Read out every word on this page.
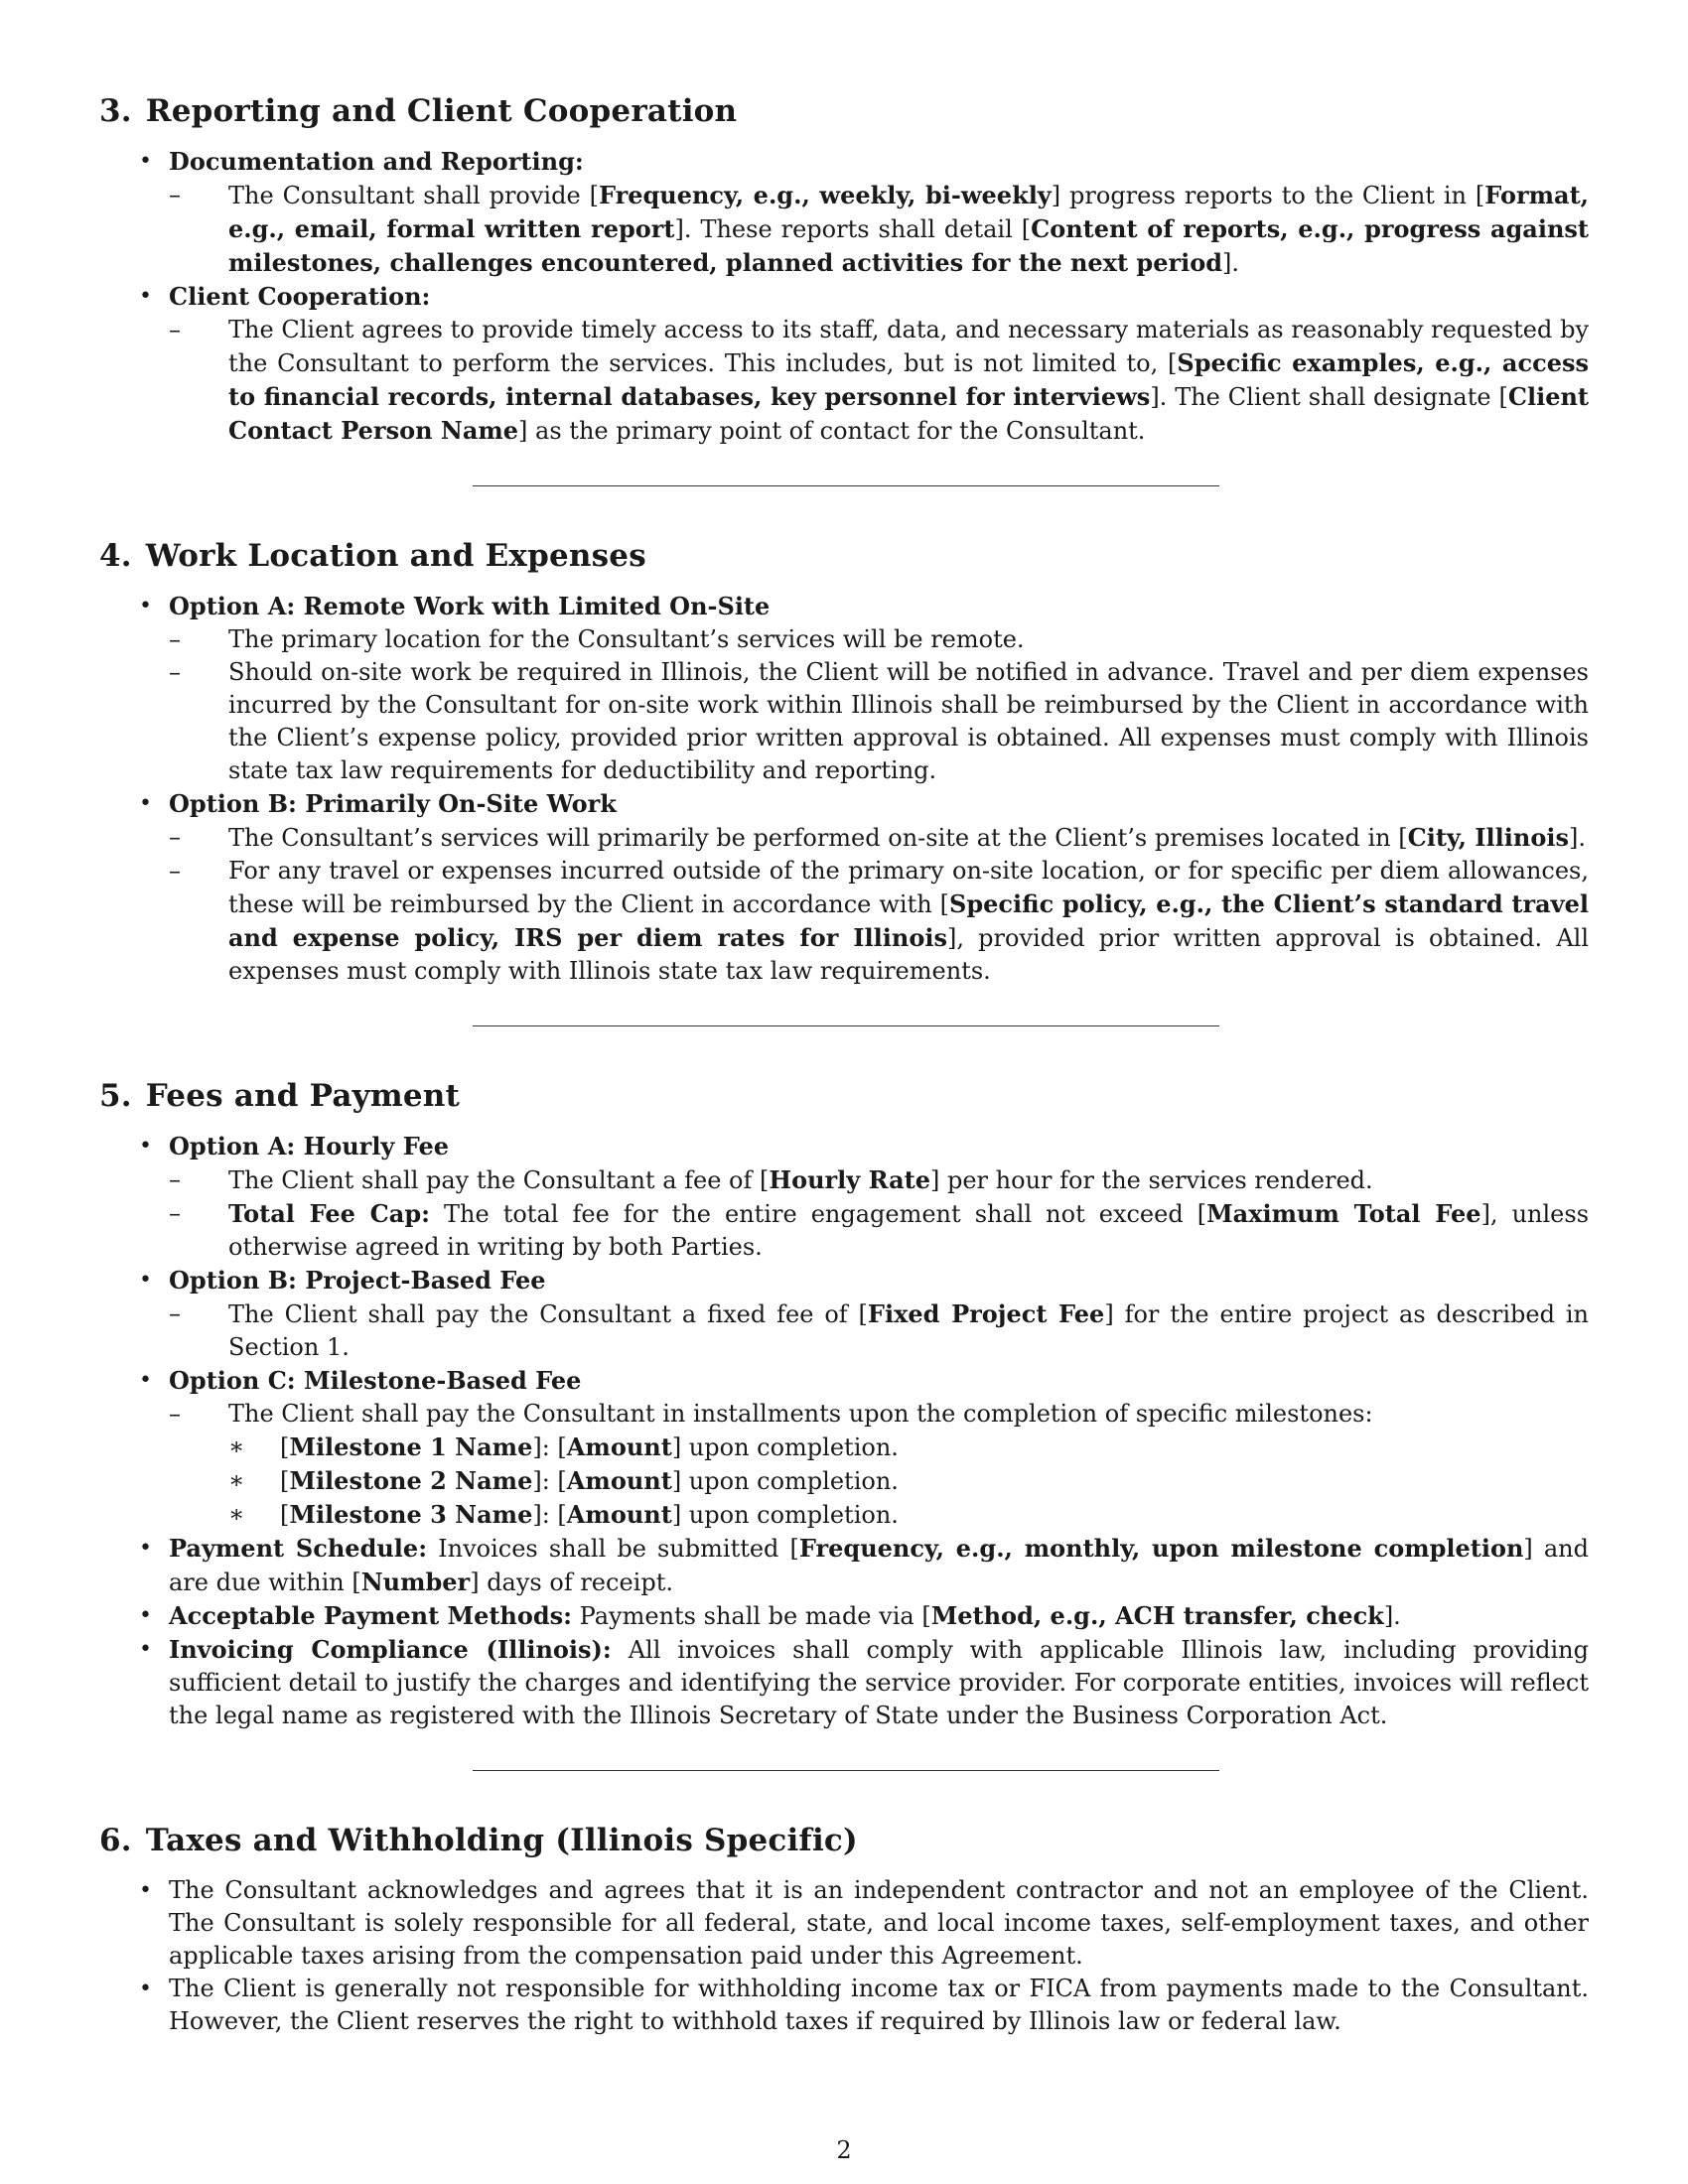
3. Reporting and Client Cooperation
• Documentation and Reporting:
– The Consultant shall provide [Frequency, e.g., weekly, bi-weekly] progress reports to the Client in [Format, e.g., email, formal written report]. These reports shall detail [Content of reports, e.g., progress against milestones, challenges encountered, planned activities for the next period].
• Client Cooperation:
– The Client agrees to provide timely access to its staff, data, and necessary materials as reasonably requested by the Consultant to perform the services. This includes, but is not limited to, [Specific examples, e.g., access to financial records, internal databases, key personnel for interviews]. The Client shall designate [Client Contact Person Name] as the primary point of contact for the Consultant.
4. Work Location and Expenses
• Option A: Remote Work with Limited On-Site
– The primary location for the Consultant’s services will be remote.
– Should on-site work be required in Illinois, the Client will be notified in advance. Travel and per diem expenses incurred by the Consultant for on-site work within Illinois shall be reimbursed by the Client in accordance with the Client’s expense policy, provided prior written approval is obtained. All expenses must comply with Illinois state tax law requirements for deductibility and reporting.
• Option B: Primarily On-Site Work
– The Consultant’s services will primarily be performed on-site at the Client’s premises located in [City, Illinois].
– For any travel or expenses incurred outside of the primary on-site location, or for specific per diem allowances, these will be reimbursed by the Client in accordance with [Specific policy, e.g., the Client’s standard travel and expense policy, IRS per diem rates for Illinois], provided prior written approval is obtained. All expenses must comply with Illinois state tax law requirements.
5. Fees and Payment
• Option A: Hourly Fee
– The Client shall pay the Consultant a fee of [Hourly Rate] per hour for the services rendered.
– Total Fee Cap: The total fee for the entire engagement shall not exceed [Maximum Total Fee], unless otherwise agreed in writing by both Parties.
• Option B: Project-Based Fee
– The Client shall pay the Consultant a fixed fee of [Fixed Project Fee] for the entire project as described in Section 1.
• Option C: Milestone-Based Fee
– The Client shall pay the Consultant in installments upon the completion of specific milestones:
∗ [Milestone 1 Name]: [Amount] upon completion.
∗ [Milestone 2 Name]: [Amount] upon completion.
∗ [Milestone 3 Name]: [Amount] upon completion.
• Payment Schedule: Invoices shall be submitted [Frequency, e.g., monthly, upon milestone completion] and are due within [Number] days of receipt.
• Acceptable Payment Methods: Payments shall be made via [Method, e.g., ACH transfer, check].
• Invoicing Compliance (Illinois): All invoices shall comply with applicable Illinois law, including providing sufficient detail to justify the charges and identifying the service provider. For corporate entities, invoices will reflect the legal name as registered with the Illinois Secretary of State under the Business Corporation Act.
6. Taxes and Withholding (Illinois Specific)
• The Consultant acknowledges and agrees that it is an independent contractor and not an employee of the Client. The Consultant is solely responsible for all federal, state, and local income taxes, self-employment taxes, and other applicable taxes arising from the compensation paid under this Agreement.
• The Client is generally not responsible for withholding income tax or FICA from payments made to the Consultant. However, the Client reserves the right to withhold taxes if required by Illinois law or federal law.
2
